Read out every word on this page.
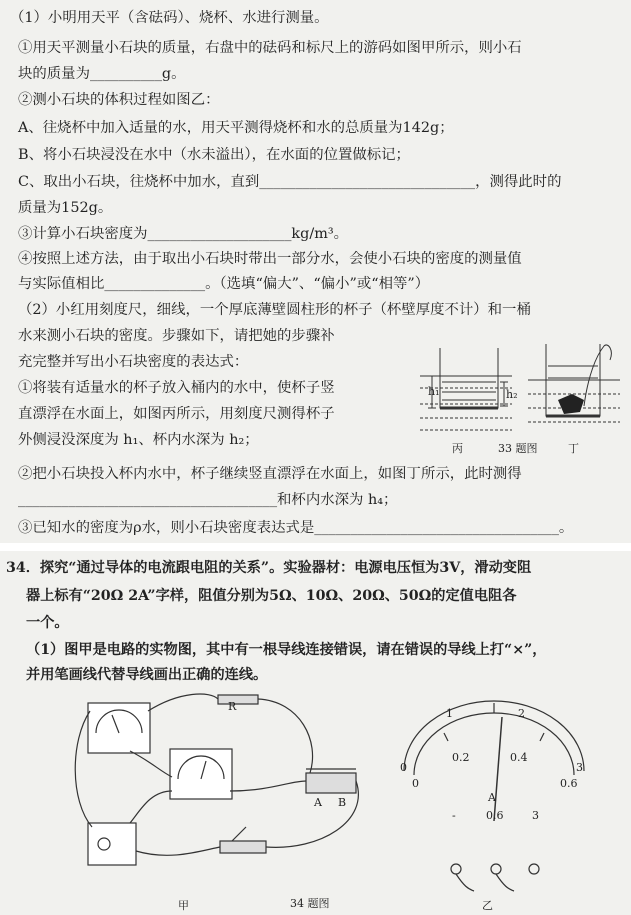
（1）小明用天平（含砝码）、烧杯、水进行测量。
①用天平测量小石块的质量，右盘中的砝码和标尺上的游码如图甲所示，则小石
块的质量为__________g。
②测小石块的体积过程如图乙：
A、往烧杯中加入适量的水，用天平测得烧杯和水的总质量为142g；
B、将小石块浸没在水中（水未溢出），在水面的位置做标记；
C、取出小石块，往烧杯中加水，直到______________________________，测得此时的
质量为152g。
③计算小石块密度为____________________kg/m³。
④按照上述方法，由于取出小石块时带出一部分水，会使小石块的密度的测量值
与实际值相比______________。（选填“偏大”、“偏小”或“相等”）
（2）小红用刻度尺，细线，一个厚底薄壁圆柱形的杯子（杯壁厚度不计）和一桶
水来测小石块的密度。步骤如下，请把她的步骤补
充完整并写出小石块密度的表达式：
①将装有适量水的杯子放入桶内的水中，使杯子竖
直漂浮在水面上，如图丙所示，用刻度尺测得杯子
外侧浸没深度为 h₁、杯内水深为 h₂；
②把小石块投入杯内水中，杯子继续竖直漂浮在水面上，如图丁所示，此时测得
____________________________________和杯内水深为 h₄；
③已知水的密度为ρ水，则小石块密度表达式是__________________________________。
h₁	h₂
丙	33 题图	丁
34．探究“通过导体的电流跟电阻的关系”。实验器材：电源电压恒为3V，滑动变阻
器上标有“20Ω 2A”字样，阻值分别为5Ω、10Ω、20Ω、50Ω的定值电阻各
一个。
（1）图甲是电路的实物图，其中有一根导线连接错误，请在错误的导线上打“×”，
并用笔画线代替导线画出正确的连线。
R
A B
甲	34 题图
0
1	2
3
0
0.2	0.4
0.6
A
-	0.6	3
乙
